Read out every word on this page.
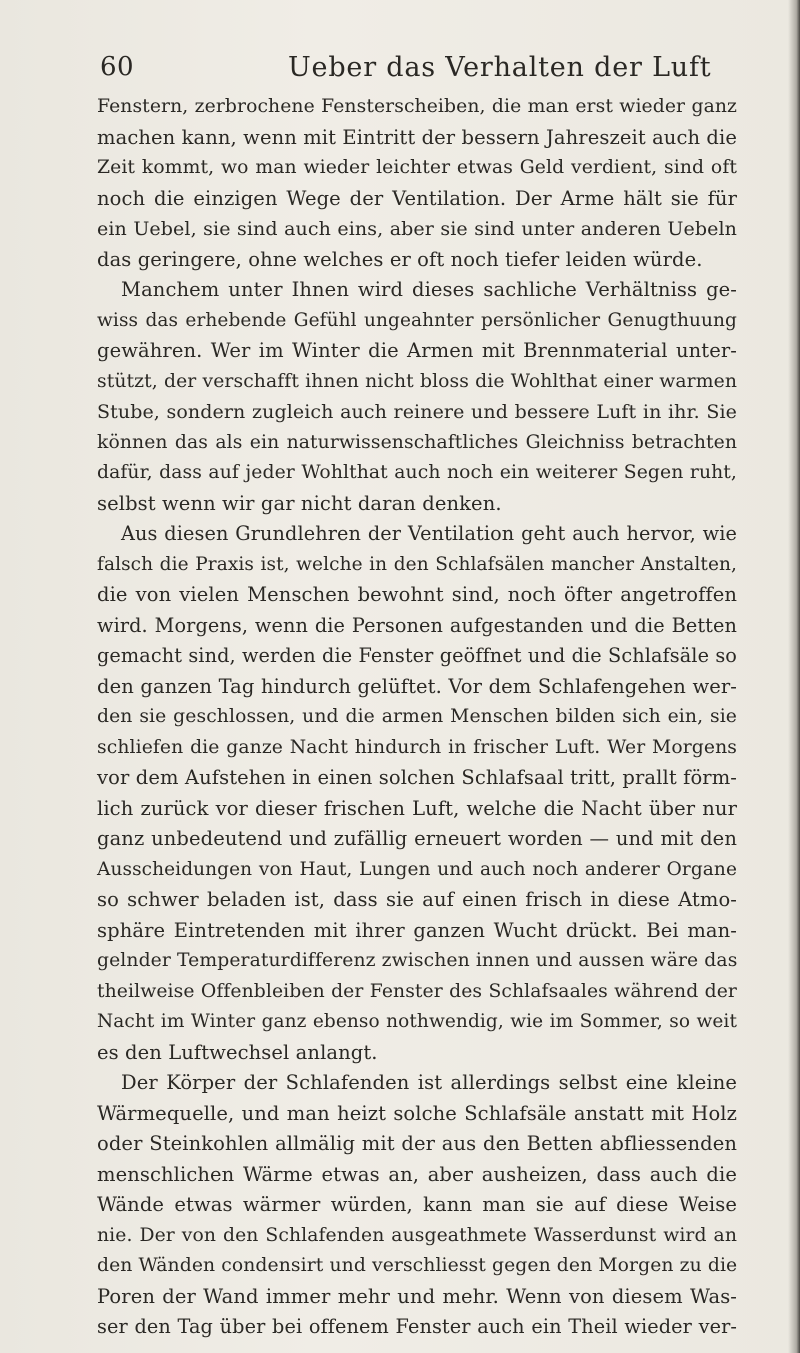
60	Ueber das Verhalten der Luft
Fenstern, zerbrochene Fensterscheiben, die man erst wieder ganz
machen kann, wenn mit Eintritt der bessern Jahreszeit auch die
Zeit kommt, wo man wieder leichter etwas Geld verdient, sind oft
noch die einzigen Wege der Ventilation. Der Arme hält sie für
ein Uebel, sie sind auch eins, aber sie sind unter anderen Uebeln
das geringere, ohne welches er oft noch tiefer leiden würde.
Manchem unter Ihnen wird dieses sachliche Verhältniss ge-
wiss das erhebende Gefühl ungeahnter persönlicher Genugthuung
gewähren. Wer im Winter die Armen mit Brennmaterial unter-
stützt, der verschafft ihnen nicht bloss die Wohlthat einer warmen
Stube, sondern zugleich auch reinere und bessere Luft in ihr. Sie
können das als ein naturwissenschaftliches Gleichniss betrachten
dafür, dass auf jeder Wohlthat auch noch ein weiterer Segen ruht,
selbst wenn wir gar nicht daran denken.
Aus diesen Grundlehren der Ventilation geht auch hervor, wie
falsch die Praxis ist, welche in den Schlafsälen mancher Anstalten,
die von vielen Menschen bewohnt sind, noch öfter angetroffen
wird. Morgens, wenn die Personen aufgestanden und die Betten
gemacht sind, werden die Fenster geöffnet und die Schlafsäle so
den ganzen Tag hindurch gelüftet. Vor dem Schlafengehen wer-
den sie geschlossen, und die armen Menschen bilden sich ein, sie
schliefen die ganze Nacht hindurch in frischer Luft. Wer Morgens
vor dem Aufstehen in einen solchen Schlafsaal tritt, prallt förm-
lich zurück vor dieser frischen Luft, welche die Nacht über nur
ganz unbedeutend und zufällig erneuert worden — und mit den
Ausscheidungen von Haut, Lungen und auch noch anderer Organe
so schwer beladen ist, dass sie auf einen frisch in diese Atmo-
sphäre Eintretenden mit ihrer ganzen Wucht drückt. Bei man-
gelnder Temperaturdifferenz zwischen innen und aussen wäre das
theilweise Offenbleiben der Fenster des Schlafsaales während der
Nacht im Winter ganz ebenso nothwendig, wie im Sommer, so weit
es den Luftwechsel anlangt.
Der Körper der Schlafenden ist allerdings selbst eine kleine
Wärmequelle, und man heizt solche Schlafsäle anstatt mit Holz
oder Steinkohlen allmälig mit der aus den Betten abfliessenden
menschlichen Wärme etwas an, aber ausheizen, dass auch die
Wände etwas wärmer würden, kann man sie auf diese Weise
nie. Der von den Schlafenden ausgeathmete Wasserdunst wird an
den Wänden condensirt und verschliesst gegen den Morgen zu die
Poren der Wand immer mehr und mehr. Wenn von diesem Was-
ser den Tag über bei offenem Fenster auch ein Theil wieder ver-
